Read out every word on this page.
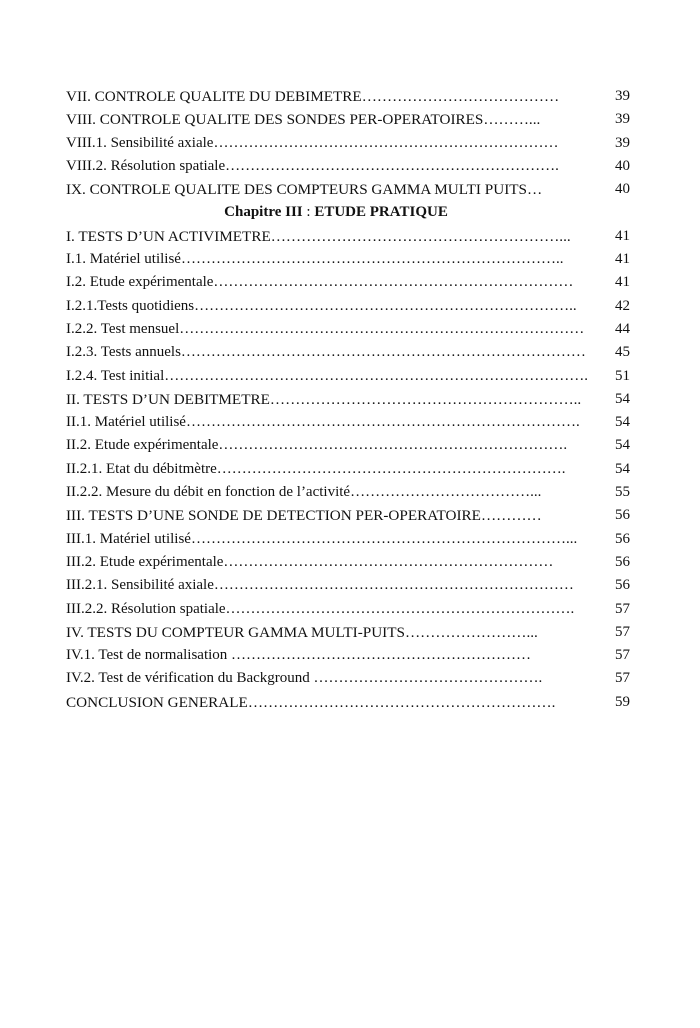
VII. CONTROLE QUALITE DU DEBIMETRE…………………………………	39
VIII. CONTROLE QUALITE DES SONDES PER-OPERATOIRES………...	39
VIII.1. Sensibilité axiale……………………………………………………………	39
VIII.2. Résolution spatiale………………………………………………………….	40
IX. CONTROLE QUALITE DES COMPTEURS GAMMA MULTI PUITS…	40
Chapitre III : ETUDE PRATIQUE
I. TESTS D’UN ACTIVIMETRE…………………………………………………...	41
I.1. Matériel utilisé…………………………………………………………………..	41
I.2. Etude expérimentale………………………………………………………………	41
I.2.1.Tests quotidiens…………………………………………………………………..	42
I.2.2. Test mensuel……………………………………………………………………… 44
I.2.3. Tests annuels……………………………………………………………………… 45
I.2.4. Test initial…………………………………………………………………………. 51
II. TESTS D’UN DEBITMETRE…………………………………………………….. 54
II.1. Matériel utilisé……………………………………………………………………. 54
II.2. Etude expérimentale…………………………………………………………….	54
II.2.1. Etat du débitmètre…………………………………………………………….	54
II.2.2. Mesure du débit en fonction de l’activité………………………………...	55
III. TESTS D’UNE SONDE DE DETECTION PER-OPERATOIRE…………	56
III.1. Matériel utilisé…………………………………………………………………...	56
III.2. Etude expérimentale…………………………………………………………	56
III.2.1. Sensibilité axiale………………………………………………………………	56
III.2.2. Résolution spatiale…………………………………………………………….	57
IV. TESTS DU COMPTEUR GAMMA MULTI-PUITS……………………...	57
IV.1. Test de normalisation ……………………………………………………	57
IV.2. Test de vérification du Background ……………………………………….	57
CONCLUSION GENERALE…………………………………………………….	59
